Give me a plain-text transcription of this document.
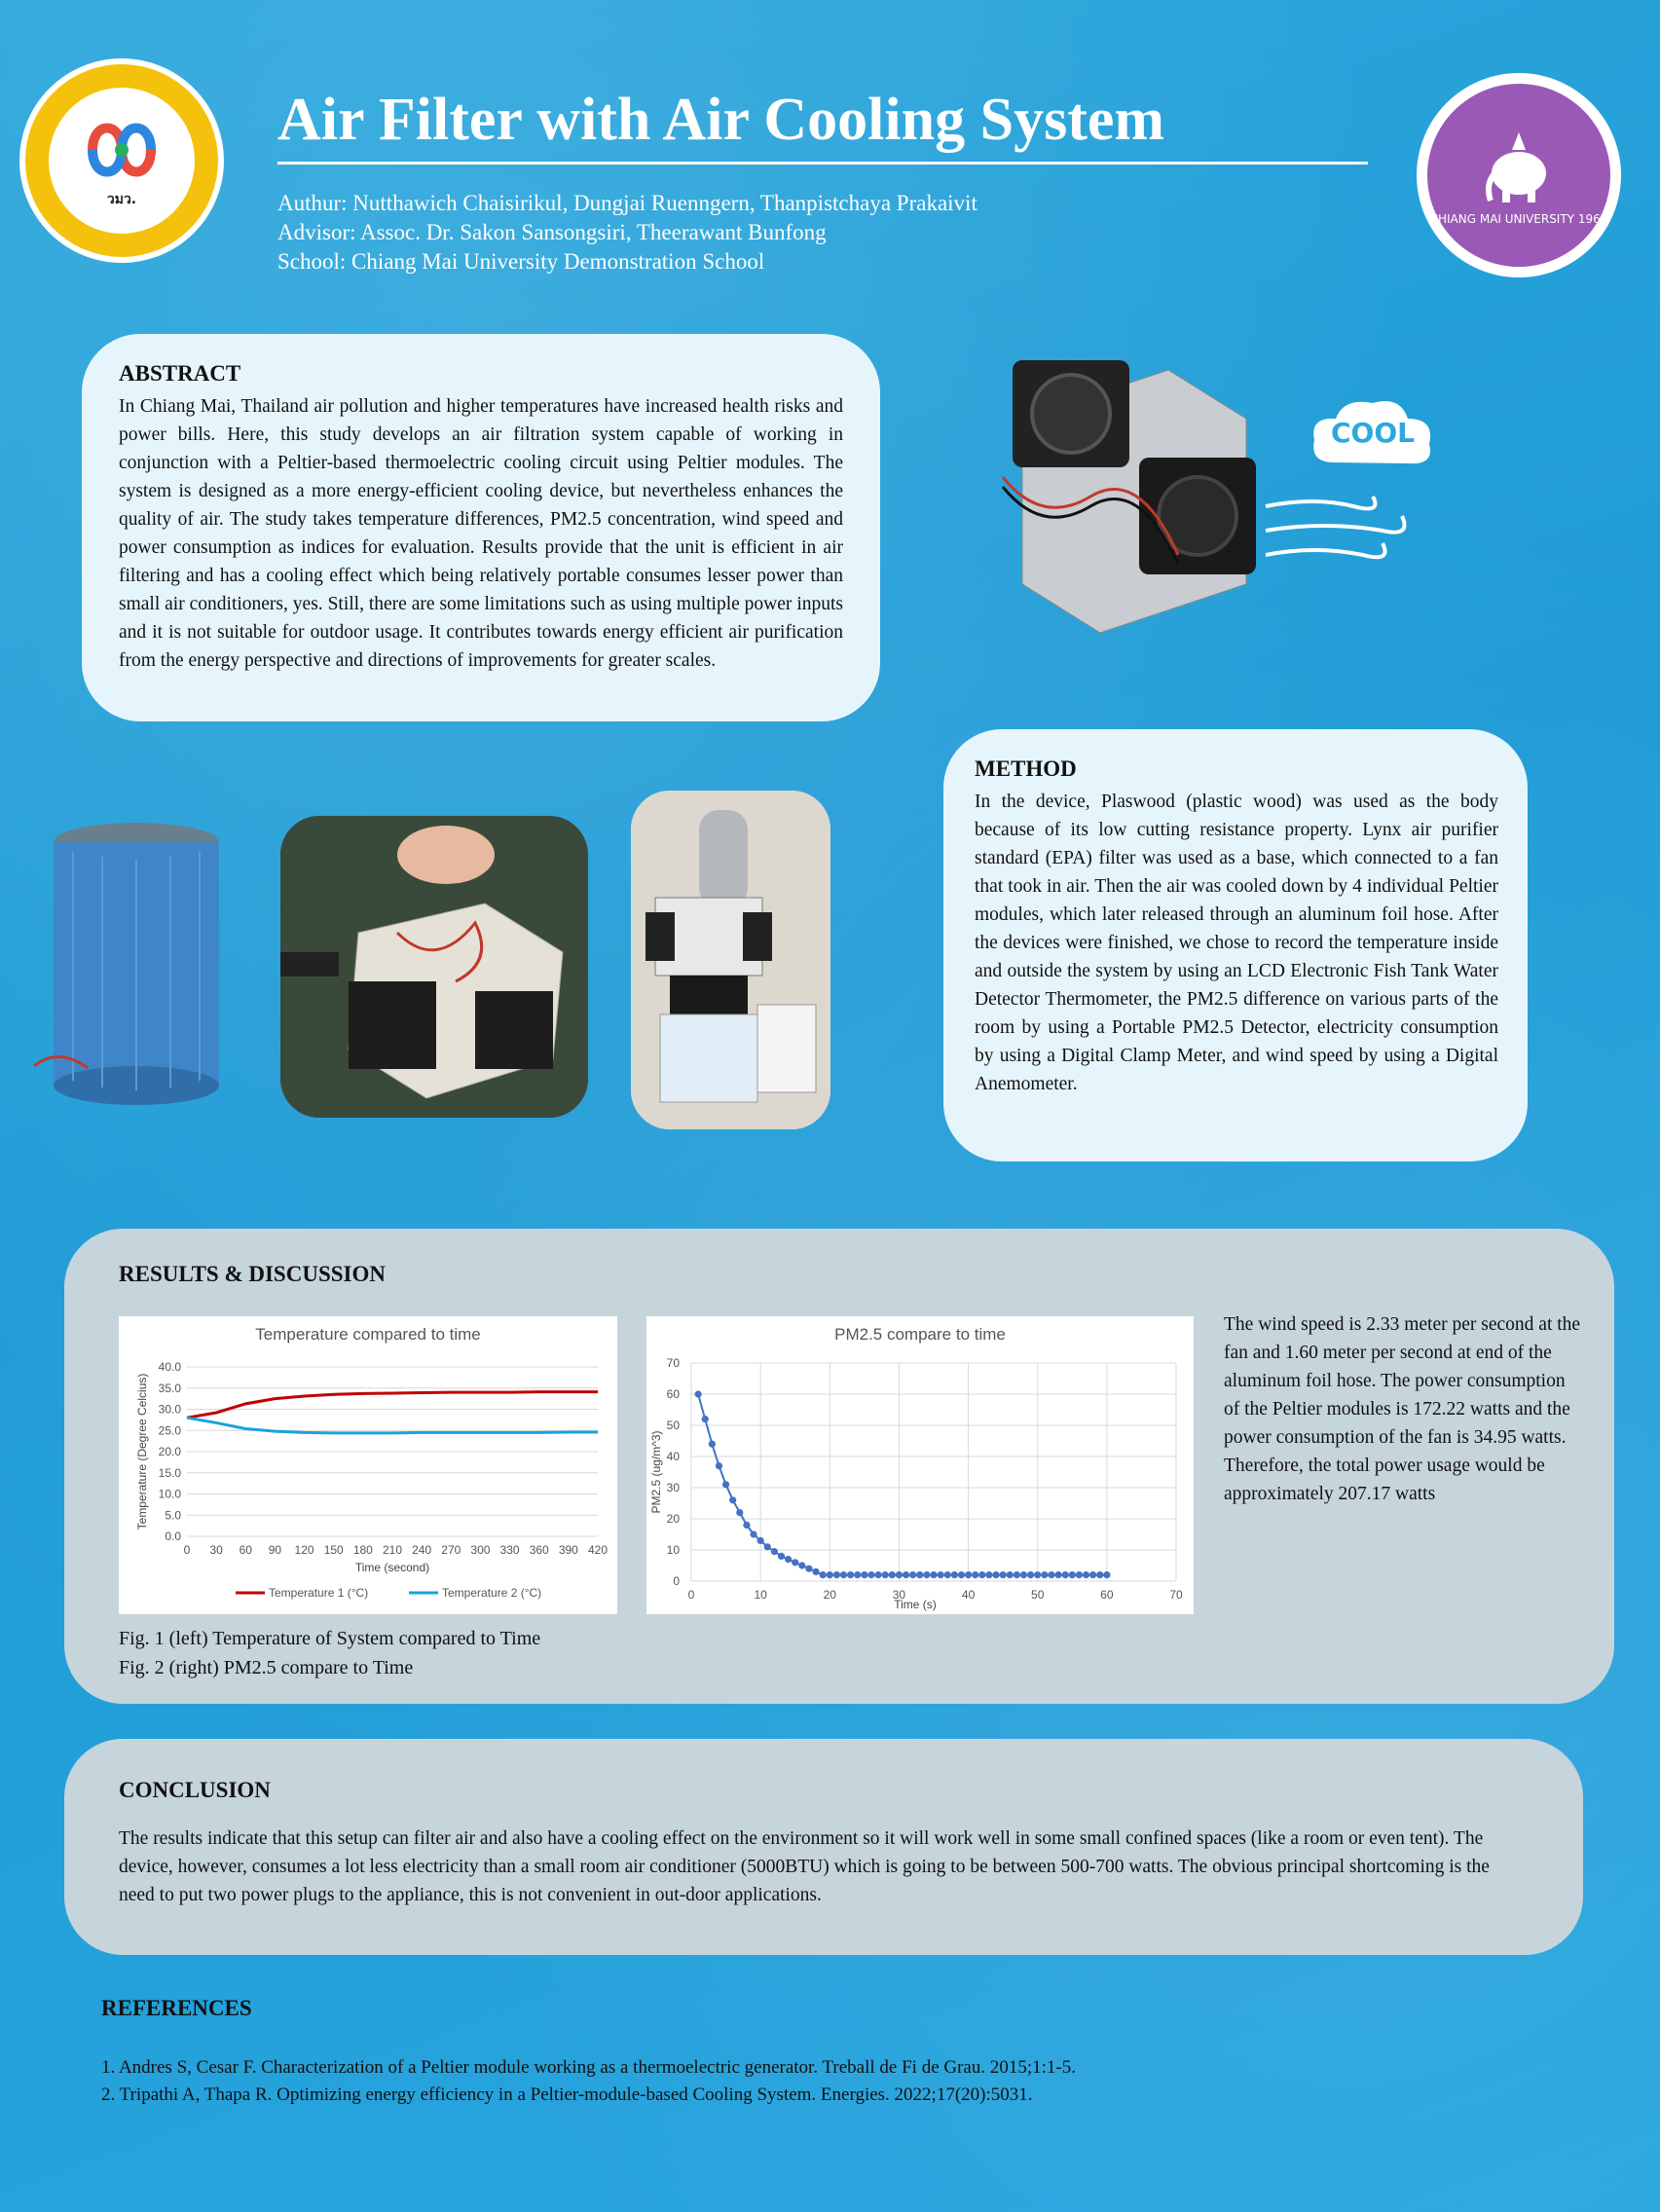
วมว.
Air Filter with Air Cooling System
Authur: Nutthawich Chaisirikul, Dungjai Ruenngern, Thanpistchaya Prakaivit
Advisor: Assoc. Dr. Sakon Sansongsiri, Theerawant Bunfong
School: Chiang Mai University Demonstration School
CHIANG MAI UNIVERSITY 1964

ABSTRACT

In Chiang Mai, Thailand air pollution and higher temperatures have increased health risks and power bills. Here, this study develops an air filtration system capable of working in conjunction with a Peltier-based thermoelectric cooling circuit using Peltier modules. The system is designed as a more energy-efficient cooling device, but nevertheless enhances the quality of air. The study takes temperature differences, PM2.5 concentration, wind speed and power consumption as indices for evaluation. Results provide that the unit is efficient in air filtering and has a cooling effect which being relatively portable consumes lesser power than small air conditioners, yes. Still, there are some limitations such as using multiple power inputs and it is not suitable for outdoor usage. It contributes towards energy efficient air purification from the energy perspective and directions of improvements for greater scales.

COOL

METHOD

In the device, Plaswood (plastic wood) was used as the body because of its low cutting resistance property. Lynx air purifier standard (EPA) filter was used as a base, which connected to a fan that took in air. Then the air was cooled down by 4 individual Peltier modules, which later released through an aluminum foil hose. After the devices were finished, we chose to record the temperature inside and outside the system by using an LCD Electronic Fish Tank Water Detector Thermometer, the PM2.5 difference on various parts of the room by using a Portable PM2.5 Detector, electricity consumption by using a Digital Clamp Meter, and wind speed by using a Digital Anemometer.

RESULTS & DISCUSSION

Temperature compared to time
0.0
5.0
10.0
15.0
20.0
25.0
30.0
35.0
40.0
0 30 60 90 120 150 180 210 240 270 300 330 360 390 420
Time (second)
Temperature (Degree Celcius)
Temperature 1 (°C)	Temperature 2 (°C)
PM2.5 compare to time
0
10
20
30
40
50
60
70
0	10	20	30	40	50	60	70
Time (s)
PM2.5 (ug/m^3)
The wind speed is 2.33 meter per second at the fan and 1.60 meter per second at end of the aluminum foil hose. The power consumption of the Peltier modules is 172.22 watts and the power consumption of the fan is 34.95 watts. Therefore, the total power usage would be approximately 207.17 watts
Fig. 1 (left) Temperature of System compared to Time
Fig. 2 (right) PM2.5 compare to Time

CONCLUSION

The results indicate that this setup can filter air and also have a cooling effect on the environment so it will work well in some small confined spaces (like a room or even tent). The device, however, consumes a lot less electricity than a small room air conditioner (5000BTU) which is going to be between 500-700 watts. The obvious principal shortcoming is the need to put two power plugs to the appliance, this is not convenient in out-door applications.

REFERENCES

1. Andres S, Cesar F. Characterization of a Peltier module working as a thermoelectric generator. Treball de Fi de Grau. 2015;1:1-5.
2. Tripathi A, Thapa R. Optimizing energy efficiency in a Peltier-module-based Cooling System. Energies. 2022;17(20):5031.
